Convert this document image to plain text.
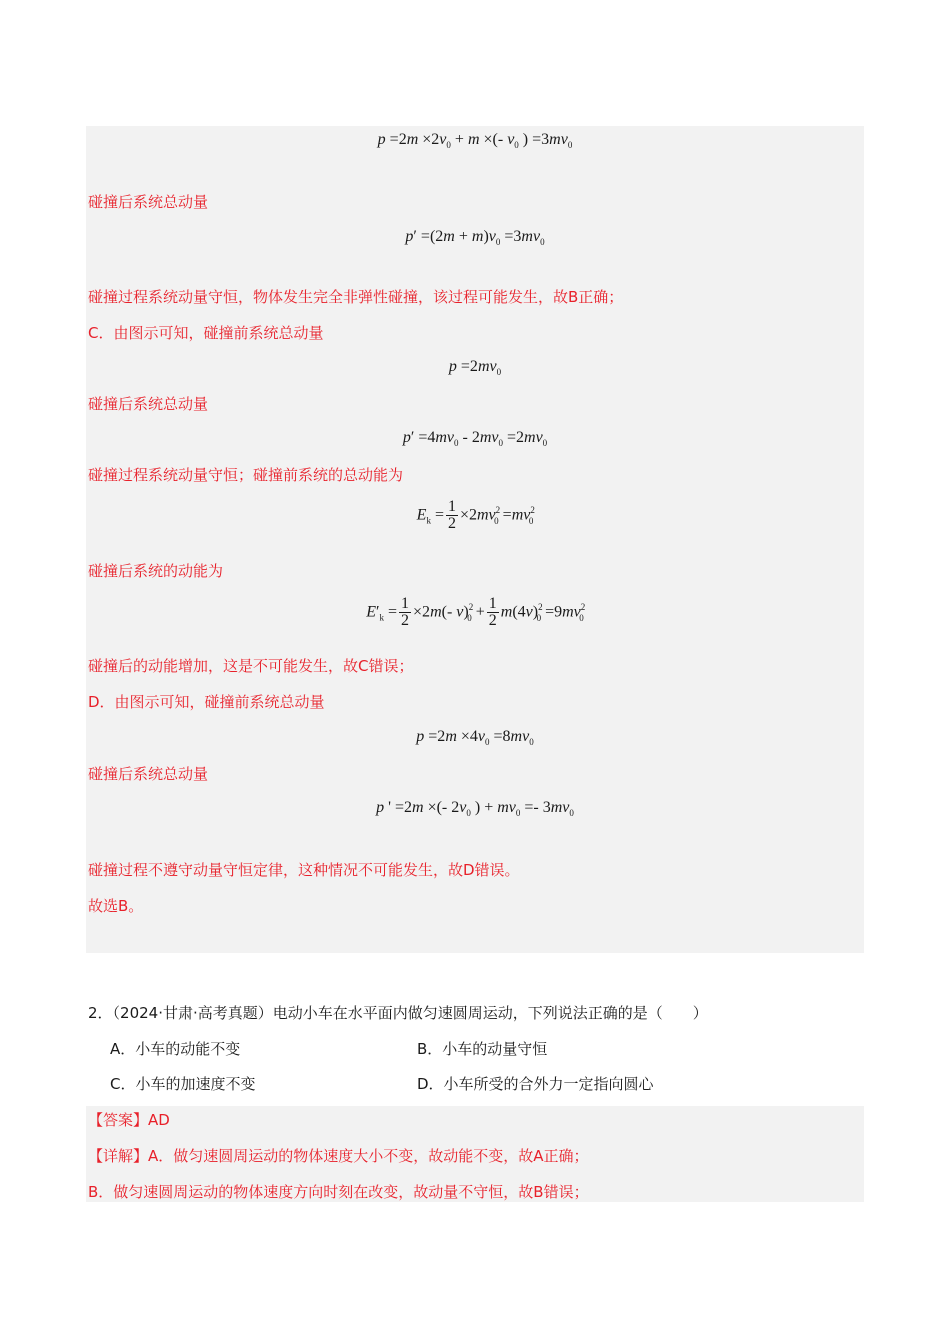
$p =2m \times 2v_0 + m$ ×(- $v_0$ ) $=3mv_0$
碰撞后系统总动量
$p' =(2m + m)v_0 =3mv_0$
碰撞过程系统动量守恒，物体发生完全非弹性碰撞，该过程可能发生，故B正确；
C．由图示可知，碰撞前系统总动量
$p =2mv_0$
碰撞后系统总动量
$p' =4mv_0 - 2mv_0 =2mv_0$
碰撞过程系统动量守恒；碰撞前系统的总动能为
$E_k = \frac{1}{2} \times 2mv^2_0 =mv^2_0$
碰撞后系统的动能为
$E'_k = \frac{1}{2} \times 2m(-$ $v)^2_0 + \frac{1}{2} m(4v)^2_0 =9mv^2_0$
碰撞后的动能增加，这是不可能发生，故C错误；
D．由图示可知，碰撞前系统总动量
$p =2m \times 4v_0 =8mv_0$
碰撞后系统总动量
p ' =2m ×(- $2v_0$ ) + $mv_0 =- 3mv_0$
碰撞过程不遵守动量守恒定律，这种情况不可能发生，故D错误。
故选B。
2．（2024·甘肃·高考真题）电动小车在水平面内做匀速圆周运动，下列说法正确的是（　　）
A．小车的动能不变	B．小车的动量守恒
C．小车的加速度不变	D．小车所受的合外力一定指向圆心
【答案】AD
【详解】A．做匀速圆周运动的物体速度大小不变，故动能不变，故A正确；
B．做匀速圆周运动的物体速度方向时刻在改变，故动量不守恒，故B错误；
